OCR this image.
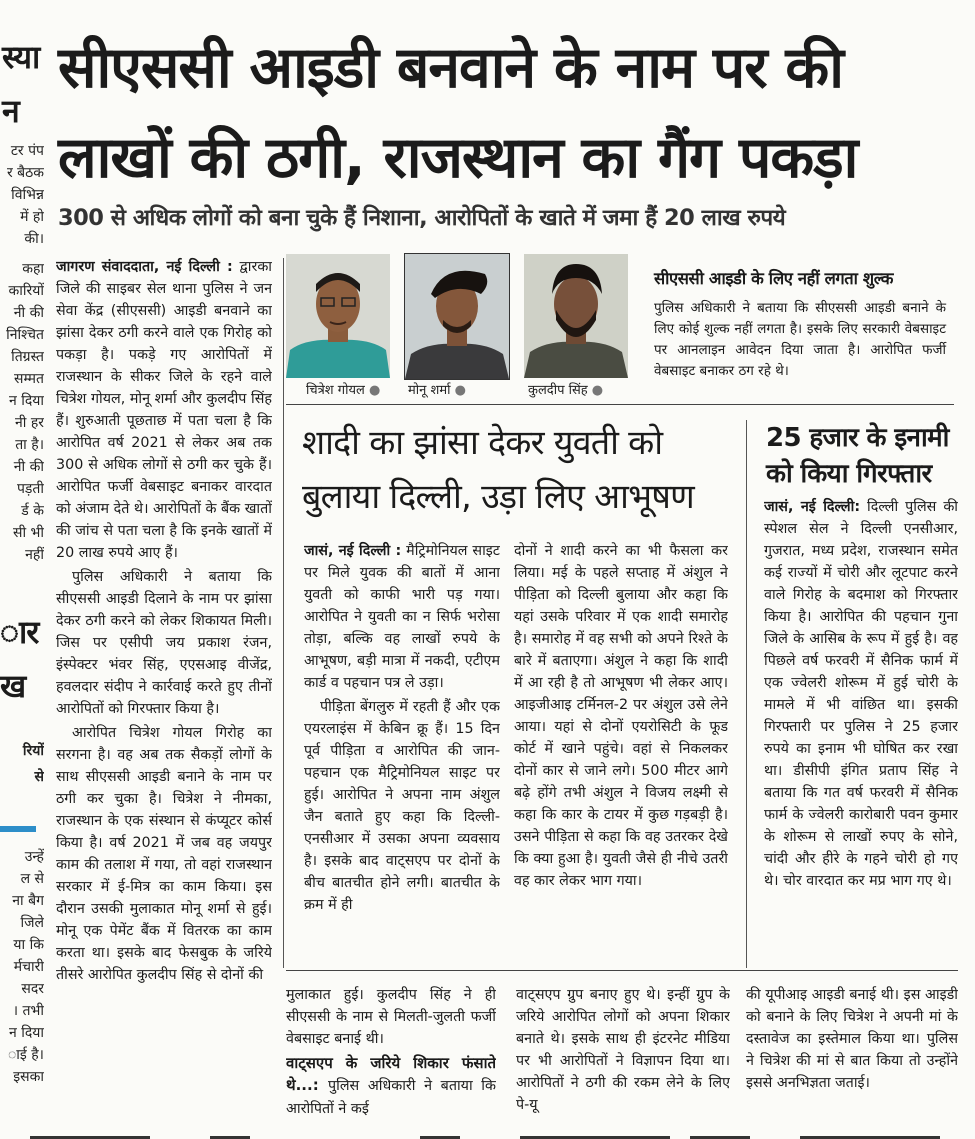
स्या
न
टर पंप
र बैठक
विभिन्न
में हो
की।
कहा
कारियों
नी की
निश्चित
तिग्रस्त
सम्मत
न दिया
नी हर
ता है।
नी की
पड़ती
र्ड के
सी भी
नहीं
ार
ख
रियों
से
उन्हें
ल से
ना बैग
जिले
या कि
र्मचारी
सदर
। तभी
न दिया
ाई है।
इसका
सीएससी आइडी बनवाने के नाम पर की
लाखों की ठगी, राजस्थान का गैंग पकड़ा
300 से अधिक लोगों को बना चुके हैं निशाना, आरोपितों के खाते में जमा हैं 20 लाख रुपये

जागरण संवाददाता, नई दिल्ली : द्वारका जिले की साइबर सेल थाना पुलिस ने जन सेवा केंद्र (सीएससी) आइडी बनवाने का झांसा देकर ठगी करने वाले एक गिरोह को पकड़ा है। पकड़े गए आरोपितों में राजस्थान के सीकर जिले के रहने वाले चित्रेश गोयल, मोनू शर्मा और कुलदीप सिंह हैं। शुरुआती पूछताछ में पता चला है कि आरोपित वर्ष 2021 से लेकर अब तक 300 से अधिक लोगों से ठगी कर चुके हैं। आरोपित फर्जी वेबसाइट बनाकर वारदात को अंजाम देते थे। आरोपितों के बैंक खातों की जांच से पता चला है कि इनके खातों में 20 लाख रुपये आए हैं।

पुलिस अधिकारी ने बताया कि सीएससी आइडी दिलाने के नाम पर झांसा देकर ठगी करने को लेकर शिकायत मिली। जिस पर एसीपी जय प्रकाश रंजन, इंस्पेक्टर भंवर सिंह, एएसआइ वीजेंद्र, हवलदार संदीप ने कार्रवाई करते हुए तीनों आरोपितों को गिरफ्तार किया है।

आरोपित चित्रेश गोयल गिरोह का सरगना है। वह अब तक सैकड़ों लोगों के साथ सीएससी आइडी बनाने के नाम पर ठगी कर चुका है। चित्रेश ने नीमका, राजस्थान के एक संस्थान से कंप्यूटर कोर्स किया है। वर्ष 2021 में जब वह जयपुर काम की तलाश में गया, तो वहां राजस्थान सरकार में ई-मित्र का काम किया। इस दौरान उसकी मुलाकात मोनू शर्मा से हुई। मोनू एक पेमेंट बैंक में वितरक का काम करता था। इसके बाद फेसबुक के जरिये तीसरे आरोपित कुलदीप सिंह से दोनों की

चित्रेश गोयल ● मोनू शर्मा ●	कुलदीप सिंह ●
सीएससी आइडी के लिए नहीं लगता शुल्क
पुलिस अधिकारी ने बताया कि सीएससी आइडी बनाने के लिए कोई शुल्क नहीं लगता है। इसके लिए सरकारी वेबसाइट पर आनलाइन आवेदन दिया जाता है। आरोपित फर्जी वेबसाइट बनाकर ठग रहे थे।
शादी का झांसा देकर युवती को
बुलाया दिल्ली, उड़ा लिए आभूषण

जासं, नई दिल्ली : मैट्रिमोनियल साइट पर मिले युवक की बातों में आना युवती को काफी भारी पड़ गया। आरोपित ने युवती का न सिर्फ भरोसा तोड़ा, बल्कि वह लाखों रुपये के आभूषण, बड़ी मात्रा में नकदी, एटीएम कार्ड व पहचान पत्र ले उड़ा।

पीड़िता बेंगलुरु में रहती हैं और एक एयरलाइंस में केबिन क्रू हैं। 15 दिन पूर्व पीड़िता व आरोपित की जान-पहचान एक मैट्रिमोनियल साइट पर हुई। आरोपित ने अपना नाम अंशुल जैन बताते हुए कहा कि दिल्ली-एनसीआर में उसका अपना व्यवसाय है। इसके बाद वाट्सएप पर दोनों के बीच बातचीत होने लगी। बातचीत के क्रम में ही

दोनों ने शादी करने का भी फैसला कर लिया। मई के पहले सप्ताह में अंशुल ने पीड़िता को दिल्ली बुलाया और कहा कि यहां उसके परिवार में एक शादी समारोह है। समारोह में वह सभी को अपने रिश्ते के बारे में बताएगा। अंशुल ने कहा कि शादी में आ रही है तो आभूषण भी लेकर आए। आइजीआइ टर्मिनल-2 पर अंशुल उसे लेने आया। यहां से दोनों एयरोसिटी के फूड कोर्ट में खाने पहुंचे। वहां से निकलकर दोनों कार से जाने लगे। 500 मीटर आगे बढ़े होंगे तभी अंशुल ने विजय लक्ष्मी से कहा कि कार के टायर में कुछ गड़बड़ी है। उसने पीड़िता से कहा कि वह उतरकर देखे कि क्या हुआ है। युवती जैसे ही नीचे उतरी वह कार लेकर भाग गया।

25 हजार के इनामी
को किया गिरफ्तार

जासं, नई दिल्ली: दिल्ली पुलिस की स्पेशल सेल ने दिल्ली एनसीआर, गुजरात, मध्य प्रदेश, राजस्थान समेत कई राज्यों में चोरी और लूटपाट करने वाले गिरोह के बदमाश को गिरफ्तार किया है। आरोपित की पहचान गुना जिले के आसिब के रूप में हुई है। वह पिछले वर्ष फरवरी में सैनिक फार्म में एक ज्वेलरी शोरूम में हुई चोरी के मामले में भी वांछित था। इसकी गिरफ्तारी पर पुलिस ने 25 हजार रुपये का इनाम भी घोषित कर रखा था। डीसीपी इंगित प्रताप सिंह ने बताया कि गत वर्ष फरवरी में सैनिक फार्म के ज्वेलरी कारोबारी पवन कुमार के शोरूम से लाखों रुपए के सोने, चांदी और हीरे के गहने चोरी हो गए थे। चोर वारदात कर मप्र भाग गए थे।

मुलाकात हुई। कुलदीप सिंह ने ही सीएससी के नाम से मिलती-जुलती फर्जी वेबसाइट बनाई थी।

वाट्सएप के जरिये शिकार फंसाते थे...: पुलिस अधिकारी ने बताया कि आरोपितों ने कई

वाट्सएप ग्रुप बनाए हुए थे। इन्हीं ग्रुप के जरिये आरोपित लोगों को अपना शिकार बनाते थे। इसके साथ ही इंटरनेट मीडिया पर भी आरोपितों ने विज्ञापन दिया था। आरोपितों ने ठगी की रकम लेने के लिए पे-यू

की यूपीआइ आइडी बनाई थी। इस आइडी को बनाने के लिए चित्रेश ने अपनी मां के दस्तावेज का इस्तेमाल किया था। पुलिस ने चित्रेश की मां से बात किया तो उन्होंने इससे अनभिज्ञता जताई।
